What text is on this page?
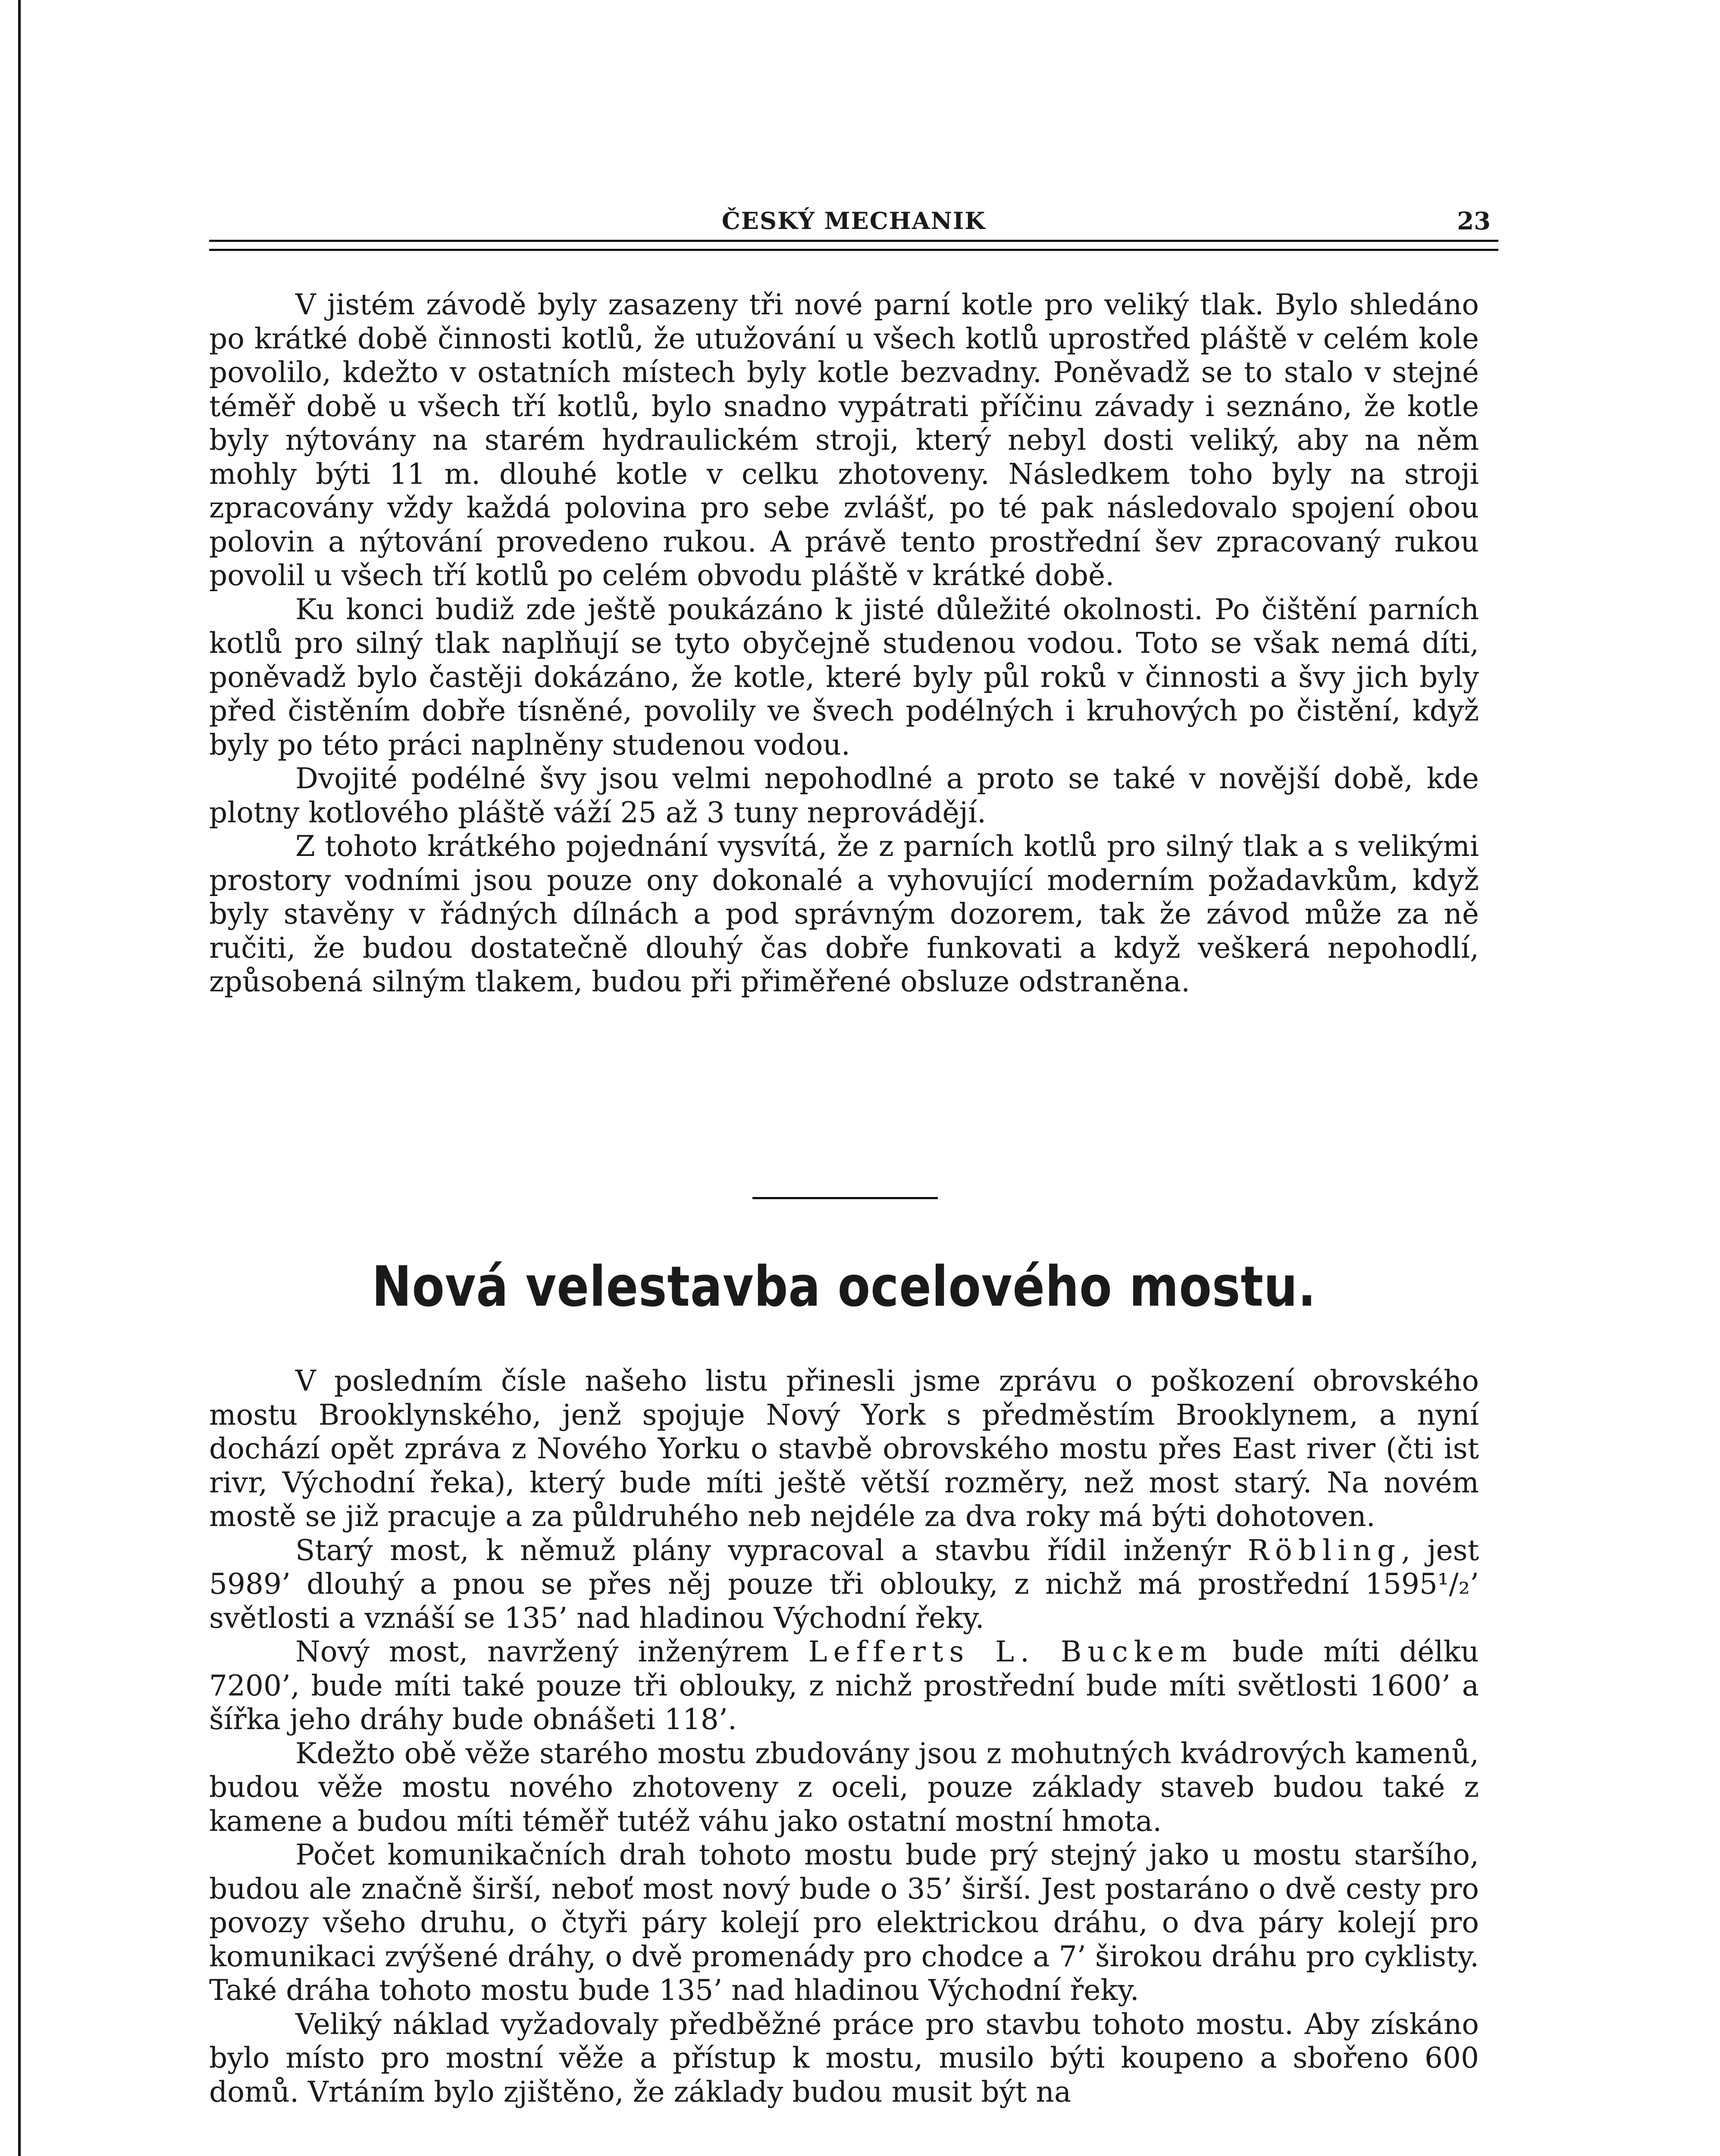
ČESKÝ MECHANIK	23

V jistém závodě byly zasazeny tři nové parní kotle pro veliký tlak. Bylo shledáno po krátké době činnosti kotlů, že utužování u všech kotlů uprostřed pláště v celém kole povolilo, kdežto v ostatních místech byly kotle bezvadny. Poněvadž se to stalo v stejné téměř době u všech tří kotlů, bylo snadno vypátrati příčinu závady i seznáno, že kotle byly nýtovány na starém hydraulickém stroji, který nebyl dosti veliký, aby na něm mohly býti 11 m. dlouhé kotle v celku zhotoveny. Následkem toho byly na stroji zpracovány vždy každá polovina pro sebe zvlášť, po té pak následovalo spojení obou polovin a nýtování provedeno rukou. A právě tento prostřední šev zpracovaný rukou povolil u všech tří kotlů po celém obvodu pláště v krátké době.

Ku konci budiž zde ještě poukázáno k jisté důležité okolnosti. Po čištění parních kotlů pro silný tlak naplňují se tyto obyčejně studenou vodou. Toto se však nemá díti, poněvadž bylo častěji dokázáno, že kotle, které byly půl roků v činnosti a švy jich byly před čistěním dobře tísněné, povolily ve švech podélných i kruhových po čistění, když byly po této práci naplněny studenou vodou.

Dvojité podélné švy jsou velmi nepohodlné a proto se také v novější době, kde plotny kotlového pláště váží 25 až 3 tuny neprovádějí.

Z tohoto krátkého pojednání vysvítá, že z parních kotlů pro silný tlak a s velikými prostory vodními jsou pouze ony dokonalé a vyhovující moderním požadavkům, když byly stavěny v řádných dílnách a pod správným dozorem, tak že závod může za ně ručiti, že budou dostatečně dlouhý čas dobře funkovati a když veškerá nepohodlí, způsobená silným tlakem, budou při přiměřené obsluze odstraněna.

Nová velestavba ocelového mostu.

V posledním čísle našeho listu přinesli jsme zprávu o poškození obrovského mostu Brooklynského, jenž spojuje Nový York s předměstím Brooklynem, a nyní dochází opět zpráva z Nového Yorku o stavbě obrovského mostu přes East river (čti ist rivr, Východní řeka), který bude míti ještě větší rozměry, než most starý. Na novém mostě se již pracuje a za půldruhého neb nejdéle za dva roky má býti dohotoven.

Starý most, k němuž plány vypracoval a stavbu řídil inženýr Röbling, jest 5989’ dlouhý a pnou se přes něj pouze tři oblouky, z nichž má prostřední 1595¹/₂’ světlosti a vznáší se 135’ nad hladinou Východní řeky.

Nový most, navržený inženýrem Lefferts L. Buckem bude míti délku 7200’, bude míti také pouze tři oblouky, z nichž prostřední bude míti světlosti 1600’ a šířka jeho dráhy bude obnášeti 118’.

Kdežto obě věže starého mostu zbudovány jsou z mohutných kvádrových kamenů, budou věže mostu nového zhotoveny z oceli, pouze základy staveb budou také z kamene a budou míti téměř tutéž váhu jako ostatní mostní hmota.

Počet komunikačních drah tohoto mostu bude prý stejný jako u mostu staršího, budou ale značně širší, neboť most nový bude o 35’ širší. Jest postaráno o dvě cesty pro povozy všeho druhu, o čtyři páry kolejí pro elektrickou dráhu, o dva páry kolejí pro komunikaci zvýšené dráhy, o dvě promenády pro chodce a 7’ širokou dráhu pro cyklisty. Také dráha tohoto mostu bude 135’ nad hladinou Východní řeky.

Veliký náklad vyžadovaly předběžné práce pro stavbu tohoto mostu. Aby získáno bylo místo pro mostní věže a přístup k mostu, musilo býti koupeno a sbořeno 600 domů. Vrtáním bylo zjištěno, že základy budou musit být na
